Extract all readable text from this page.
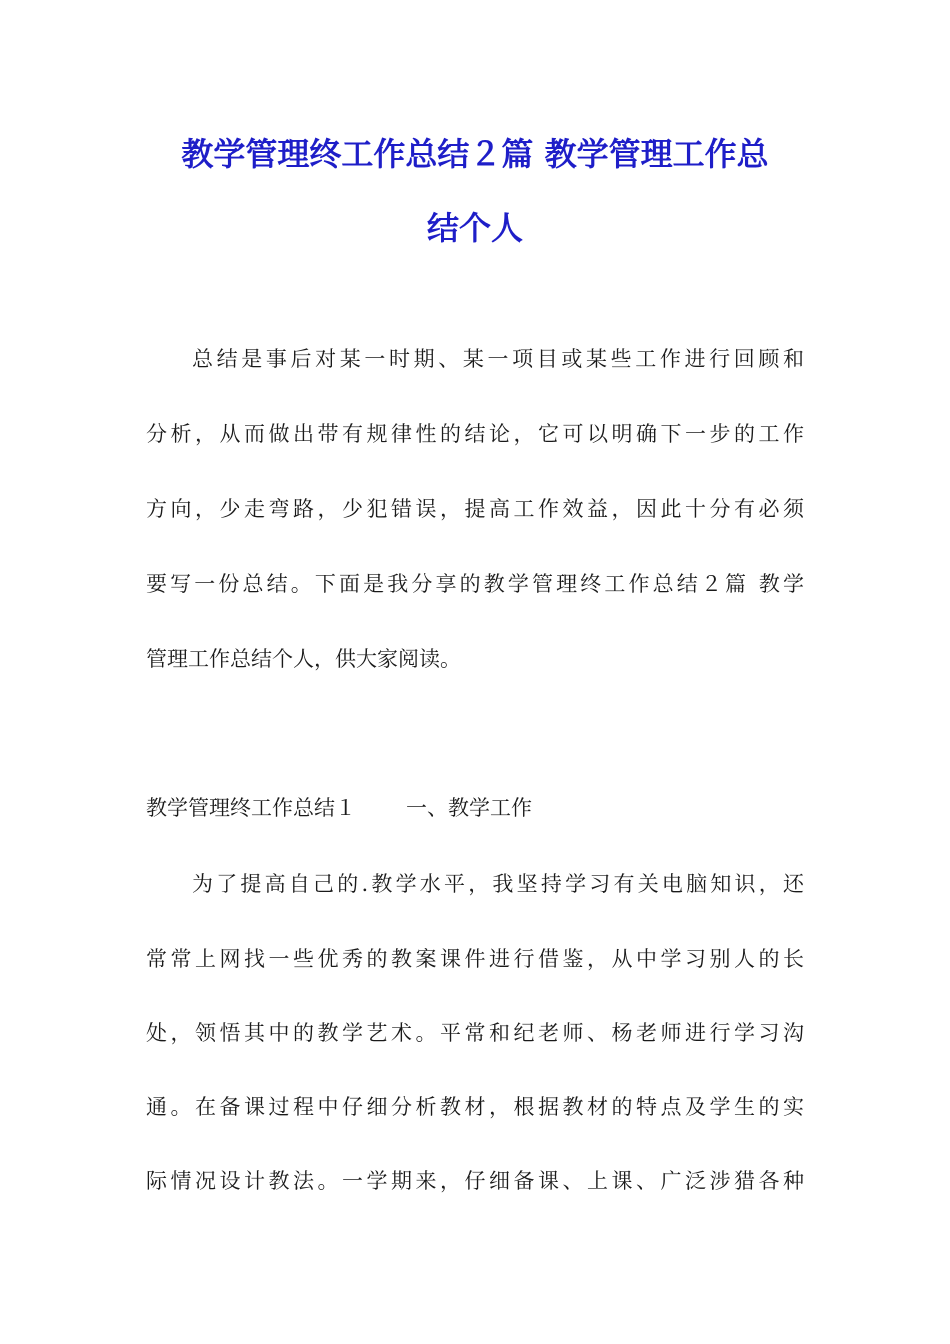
教学管理终工作总结２篇 教学管理工作总
结个人

总结是事后对某一时期、某一项目或某些工作进行回顾和

分析，从而做出带有规律性的结论，它可以明确下一步的工作

方向，少走弯路，少犯错误，提高工作效益，因此十分有必须

要写一份总结。下面是我分享的教学管理终工作总结２篇 教学

管理工作总结个人，供大家阅读。

教学管理终工作总结１ 一、教学工作

为了提高自己的.教学水平，我坚持学习有关电脑知识，还

常常上网找一些优秀的教案课件进行借鉴，从中学习别人的长

处，领悟其中的教学艺术。平常和纪老师、杨老师进行学习沟

通。在备课过程中仔细分析教材，根据教材的特点及学生的实

际情况设计教法。一学期来，仔细备课、上课、广泛涉猎各种
